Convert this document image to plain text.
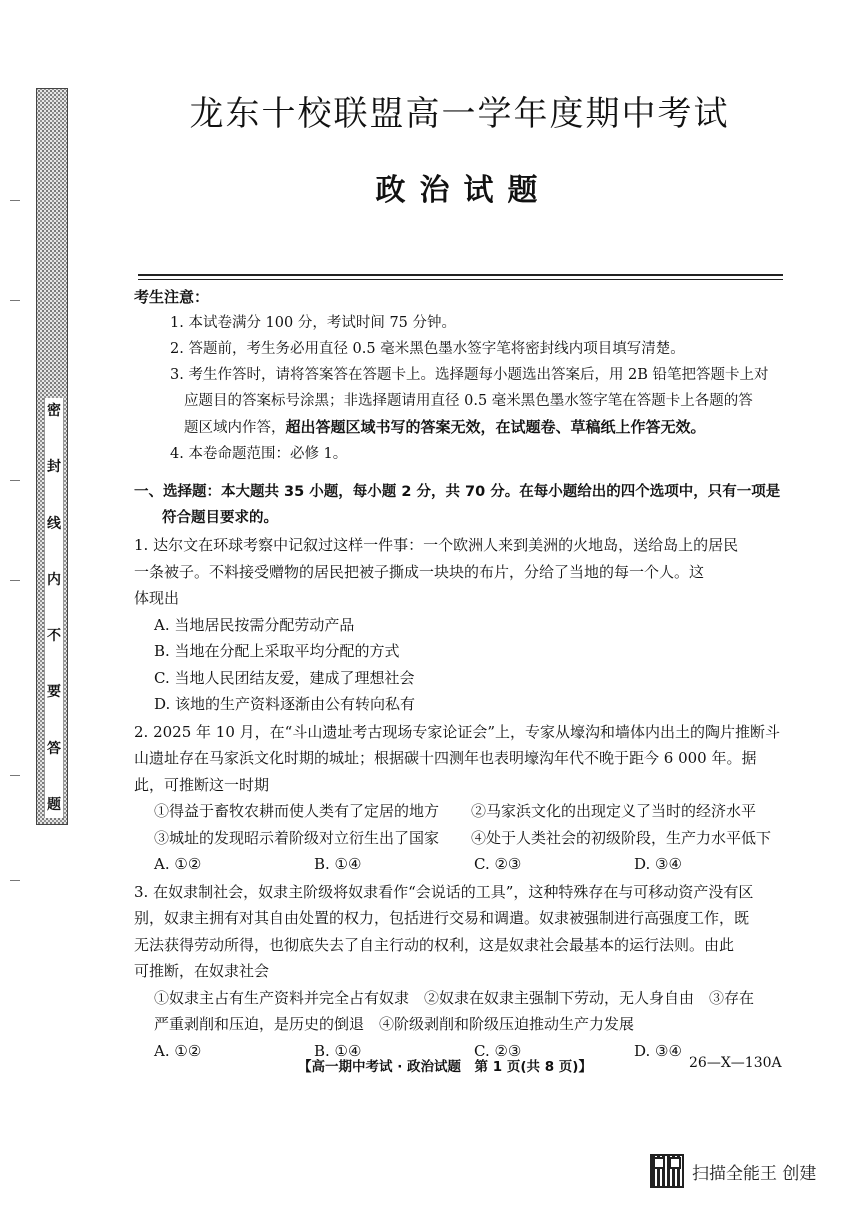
密
封
线
内
不
要
答
题
龙东十校联盟高一学年度期中考试
政治试题
考生注意：
1. 本试卷满分 100 分，考试时间 75 分钟。
2. 答题前，考生务必用直径 0.5 毫米黑色墨水签字笔将密封线内项目填写清楚。
3. 考生作答时，请将答案答在答题卡上。选择题每小题选出答案后，用 2B 铅笔把答题卡上对
应题目的答案标号涂黑；非选择题请用直径 0.5 毫米黑色墨水签字笔在答题卡上各题的答
题区域内作答，超出答题区域书写的答案无效，在试题卷、草稿纸上作答无效。
4. 本卷命题范围：必修 1。
一、选择题：本大题共 35 小题，每小题 2 分，共 70 分。在每小题给出的四个选项中，只有一项是
符合题目要求的。
1. 达尔文在环球考察中记叙过这样一件事：一个欧洲人来到美洲的火地岛，送给岛上的居民
一条被子。不料接受赠物的居民把被子撕成一块块的布片，分给了当地的每一个人。这
体现出
A. 当地居民按需分配劳动产品
B. 当地在分配上采取平均分配的方式
C. 当地人民团结友爱，建成了理想社会
D. 该地的生产资料逐渐由公有转向私有
2. 2025 年 10 月，在“斗山遗址考古现场专家论证会”上，专家从壕沟和墙体内出土的陶片推断斗
山遗址存在马家浜文化时期的城址；根据碳十四测年也表明壕沟年代不晚于距今 6 000 年。据
此，可推断这一时期
①得益于畜牧农耕而使人类有了定居的地方	②马家浜文化的出现定义了当时的经济水平
③城址的发现昭示着阶级对立衍生出了国家	④处于人类社会的初级阶段，生产力水平低下
A. ①②	B. ①④	C. ②③	D. ③④
3. 在奴隶制社会，奴隶主阶级将奴隶看作“会说话的工具”，这种特殊存在与可移动资产没有区
别，奴隶主拥有对其自由处置的权力，包括进行交易和调遣。奴隶被强制进行高强度工作，既
无法获得劳动所得，也彻底失去了自主行动的权利，这是奴隶社会最基本的运行法则。由此
可推断，在奴隶社会
①奴隶主占有生产资料并完全占有奴隶　②奴隶在奴隶主强制下劳动，无人身自由　③存在
严重剥削和压迫，是历史的倒退　④阶级剥削和阶级压迫推动生产力发展
A. ①②	B. ①④	C. ②③	D. ③④
【高一期中考试 · 政治试题　第 1 页(共 8 页)】	26—X—130A
扫描全能王 创建
